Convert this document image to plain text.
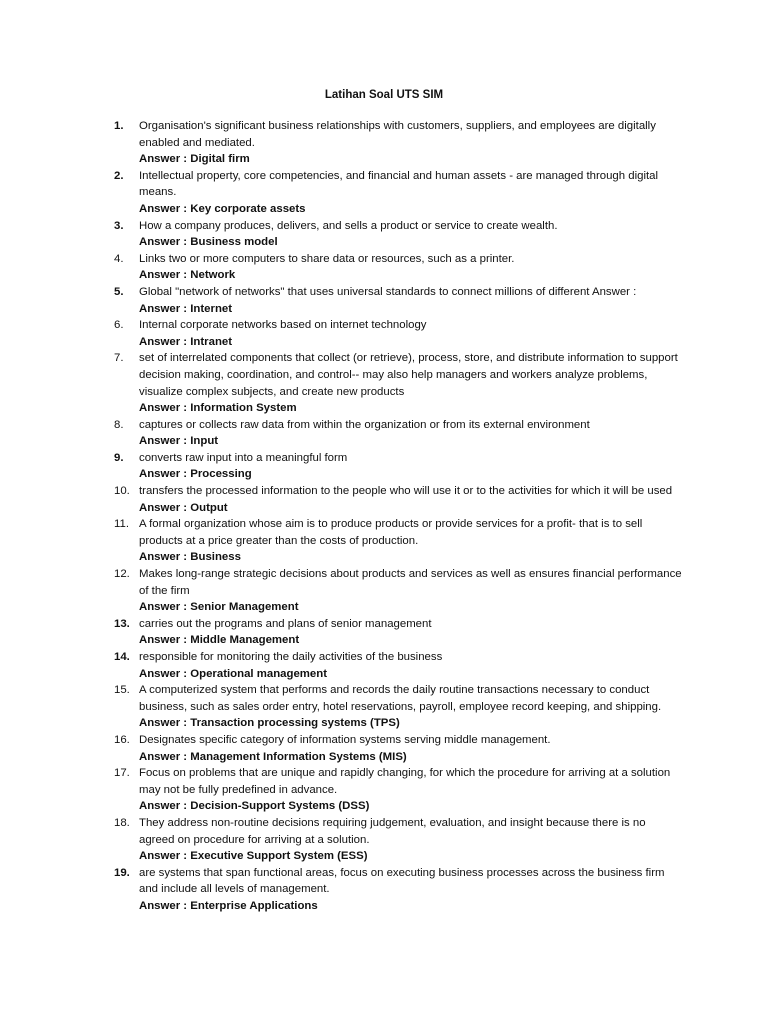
Latihan Soal UTS SIM
1.	Organisation's significant business relationships with customers, suppliers, and employees are digitally enabled and mediated.
Answer : Digital firm
2.	Intellectual property, core competencies, and financial and human assets - are managed through digital means.
Answer : Key corporate assets
3.	How a company produces, delivers, and sells a product or service to create wealth.
Answer : Business model
4.	Links two or more computers to share data or resources, such as a printer.
Answer : Network
5.	Global "network of networks" that uses universal standards to connect millions of different Answer :
Answer : Internet
6.	Internal corporate networks based on internet technology
Answer : Intranet
7.	set of interrelated components that collect (or retrieve), process, store, and distribute information to support decision making, coordination, and control-- may also help managers and workers analyze problems, visualize complex subjects, and create new products
Answer : Information System
8.	captures or collects raw data from within the organization or from its external environment
Answer : Input
9.	converts raw input into a meaningful form
Answer : Processing
10. transfers the processed information to the people who will use it or to the activities for which it will be used
Answer : Output
11. A formal organization whose aim is to produce products or provide services for a profit- that is to sell products at a price greater than the costs of production.
Answer : Business
12. Makes long-range strategic decisions about products and services as well as ensures financial performance of the firm
Answer : Senior Management
13. carries out the programs and plans of senior management
Answer : Middle Management
14. responsible for monitoring the daily activities of the business
Answer : Operational management
15. A computerized system that performs and records the daily routine transactions necessary to conduct business, such as sales order entry, hotel reservations, payroll, employee record keeping, and shipping.
Answer : Transaction processing systems (TPS)
16. Designates specific category of information systems serving middle management.
Answer : Management Information Systems (MIS)
17. Focus on problems that are unique and rapidly changing, for which the procedure for arriving at a solution may not be fully predefined in advance.
Answer : Decision-Support Systems (DSS)
18. They address non-routine decisions requiring judgement, evaluation, and insight because there is no agreed on procedure for arriving at a solution.
Answer : Executive Support System (ESS)
19. are systems that span functional areas, focus on executing business processes across the business firm and include all levels of management.
Answer : Enterprise Applications
